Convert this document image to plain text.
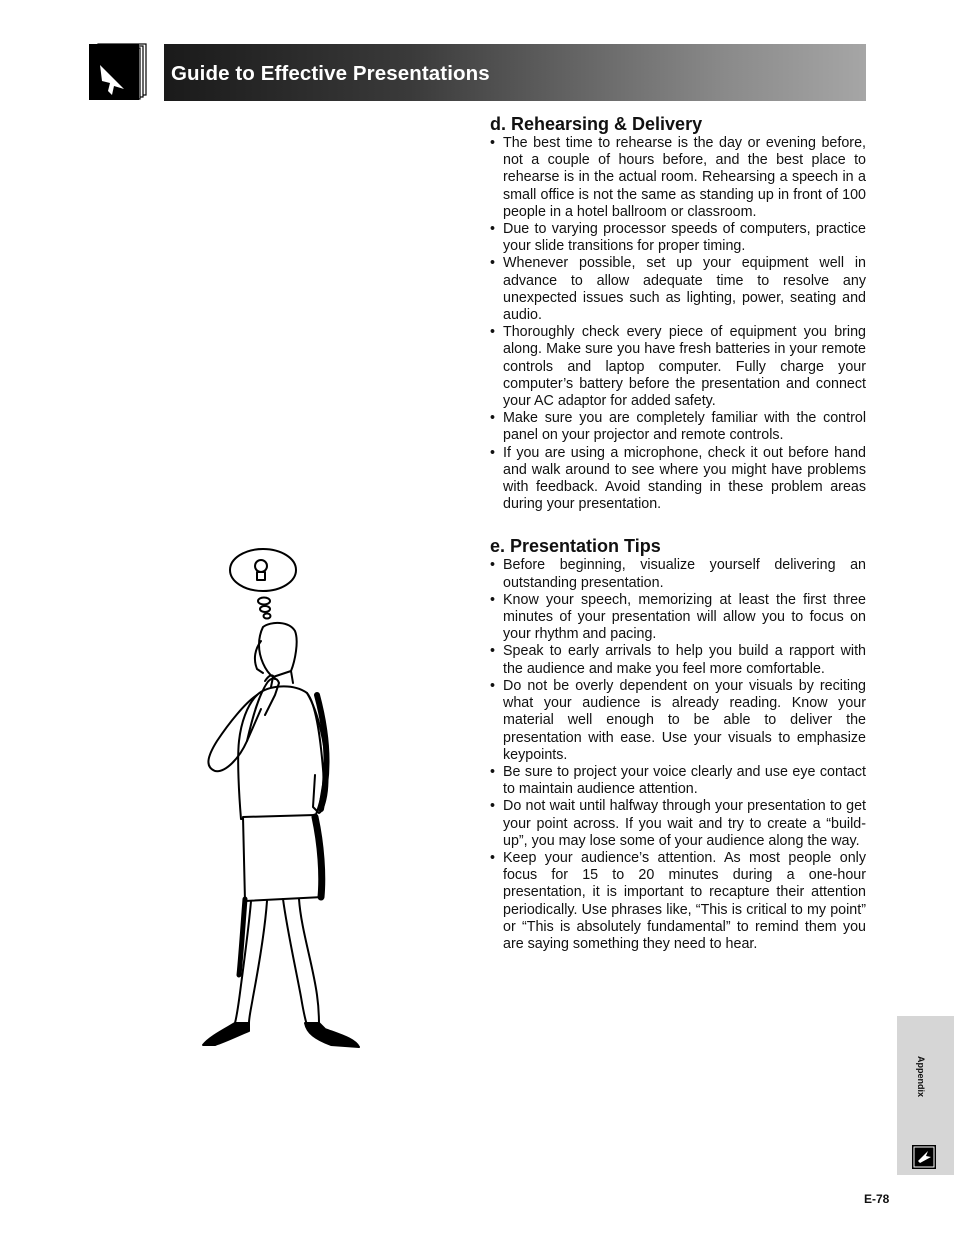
Guide to Effective Presentations
d. Rehearsing & Delivery
• The best time to rehearse is the day or evening before, not a couple of hours before, and the best place to rehearse is in the actual room. Rehearsing a speech in a small office is not the same as standing up in front of 100 people in a hotel ballroom or classroom.
• Due to varying processor speeds of computers, practice your slide transitions for proper timing.
• Whenever possible, set up your equipment well in advance to allow adequate time to resolve any unexpected issues such as lighting, power, seating and audio.
• Thoroughly check every piece of equipment you bring along. Make sure you have fresh batteries in your remote controls and laptop computer. Fully charge your computer’s battery before the presentation and connect your AC adaptor for added safety.
• Make sure you are completely familiar with the control panel on your projector and remote controls.
• If you are using a microphone, check it out before hand and walk around to see where you might have problems with feedback. Avoid standing in these problem areas during your presentation.
e. Presentation Tips
• Before beginning, visualize yourself delivering an outstanding presentation.
• Know your speech, memorizing at least the first three minutes of your presentation will allow you to focus on your rhythm and pacing.
• Speak to early arrivals to help you build a rapport with the audience and make you feel more comfortable.
• Do not be overly dependent on your visuals by reciting what your audience is already reading. Know your material well enough to be able to deliver the presentation with ease. Use your visuals to emphasize keypoints.
• Be sure to project your voice clearly and use eye contact to maintain audience attention.
• Do not wait until halfway through your presentation to get your point across. If you wait and try to create a “build-up”, you may lose some of your audience along the way.
• Keep your audience’s attention. As most people only focus for 15 to 20 minutes during a one-hour presentation, it is important to recapture their attention periodically. Use phrases like, “This is critical to my point” or “This is absolutely fundamental” to remind them you are saying something they need to hear.
Appendix
E-78
